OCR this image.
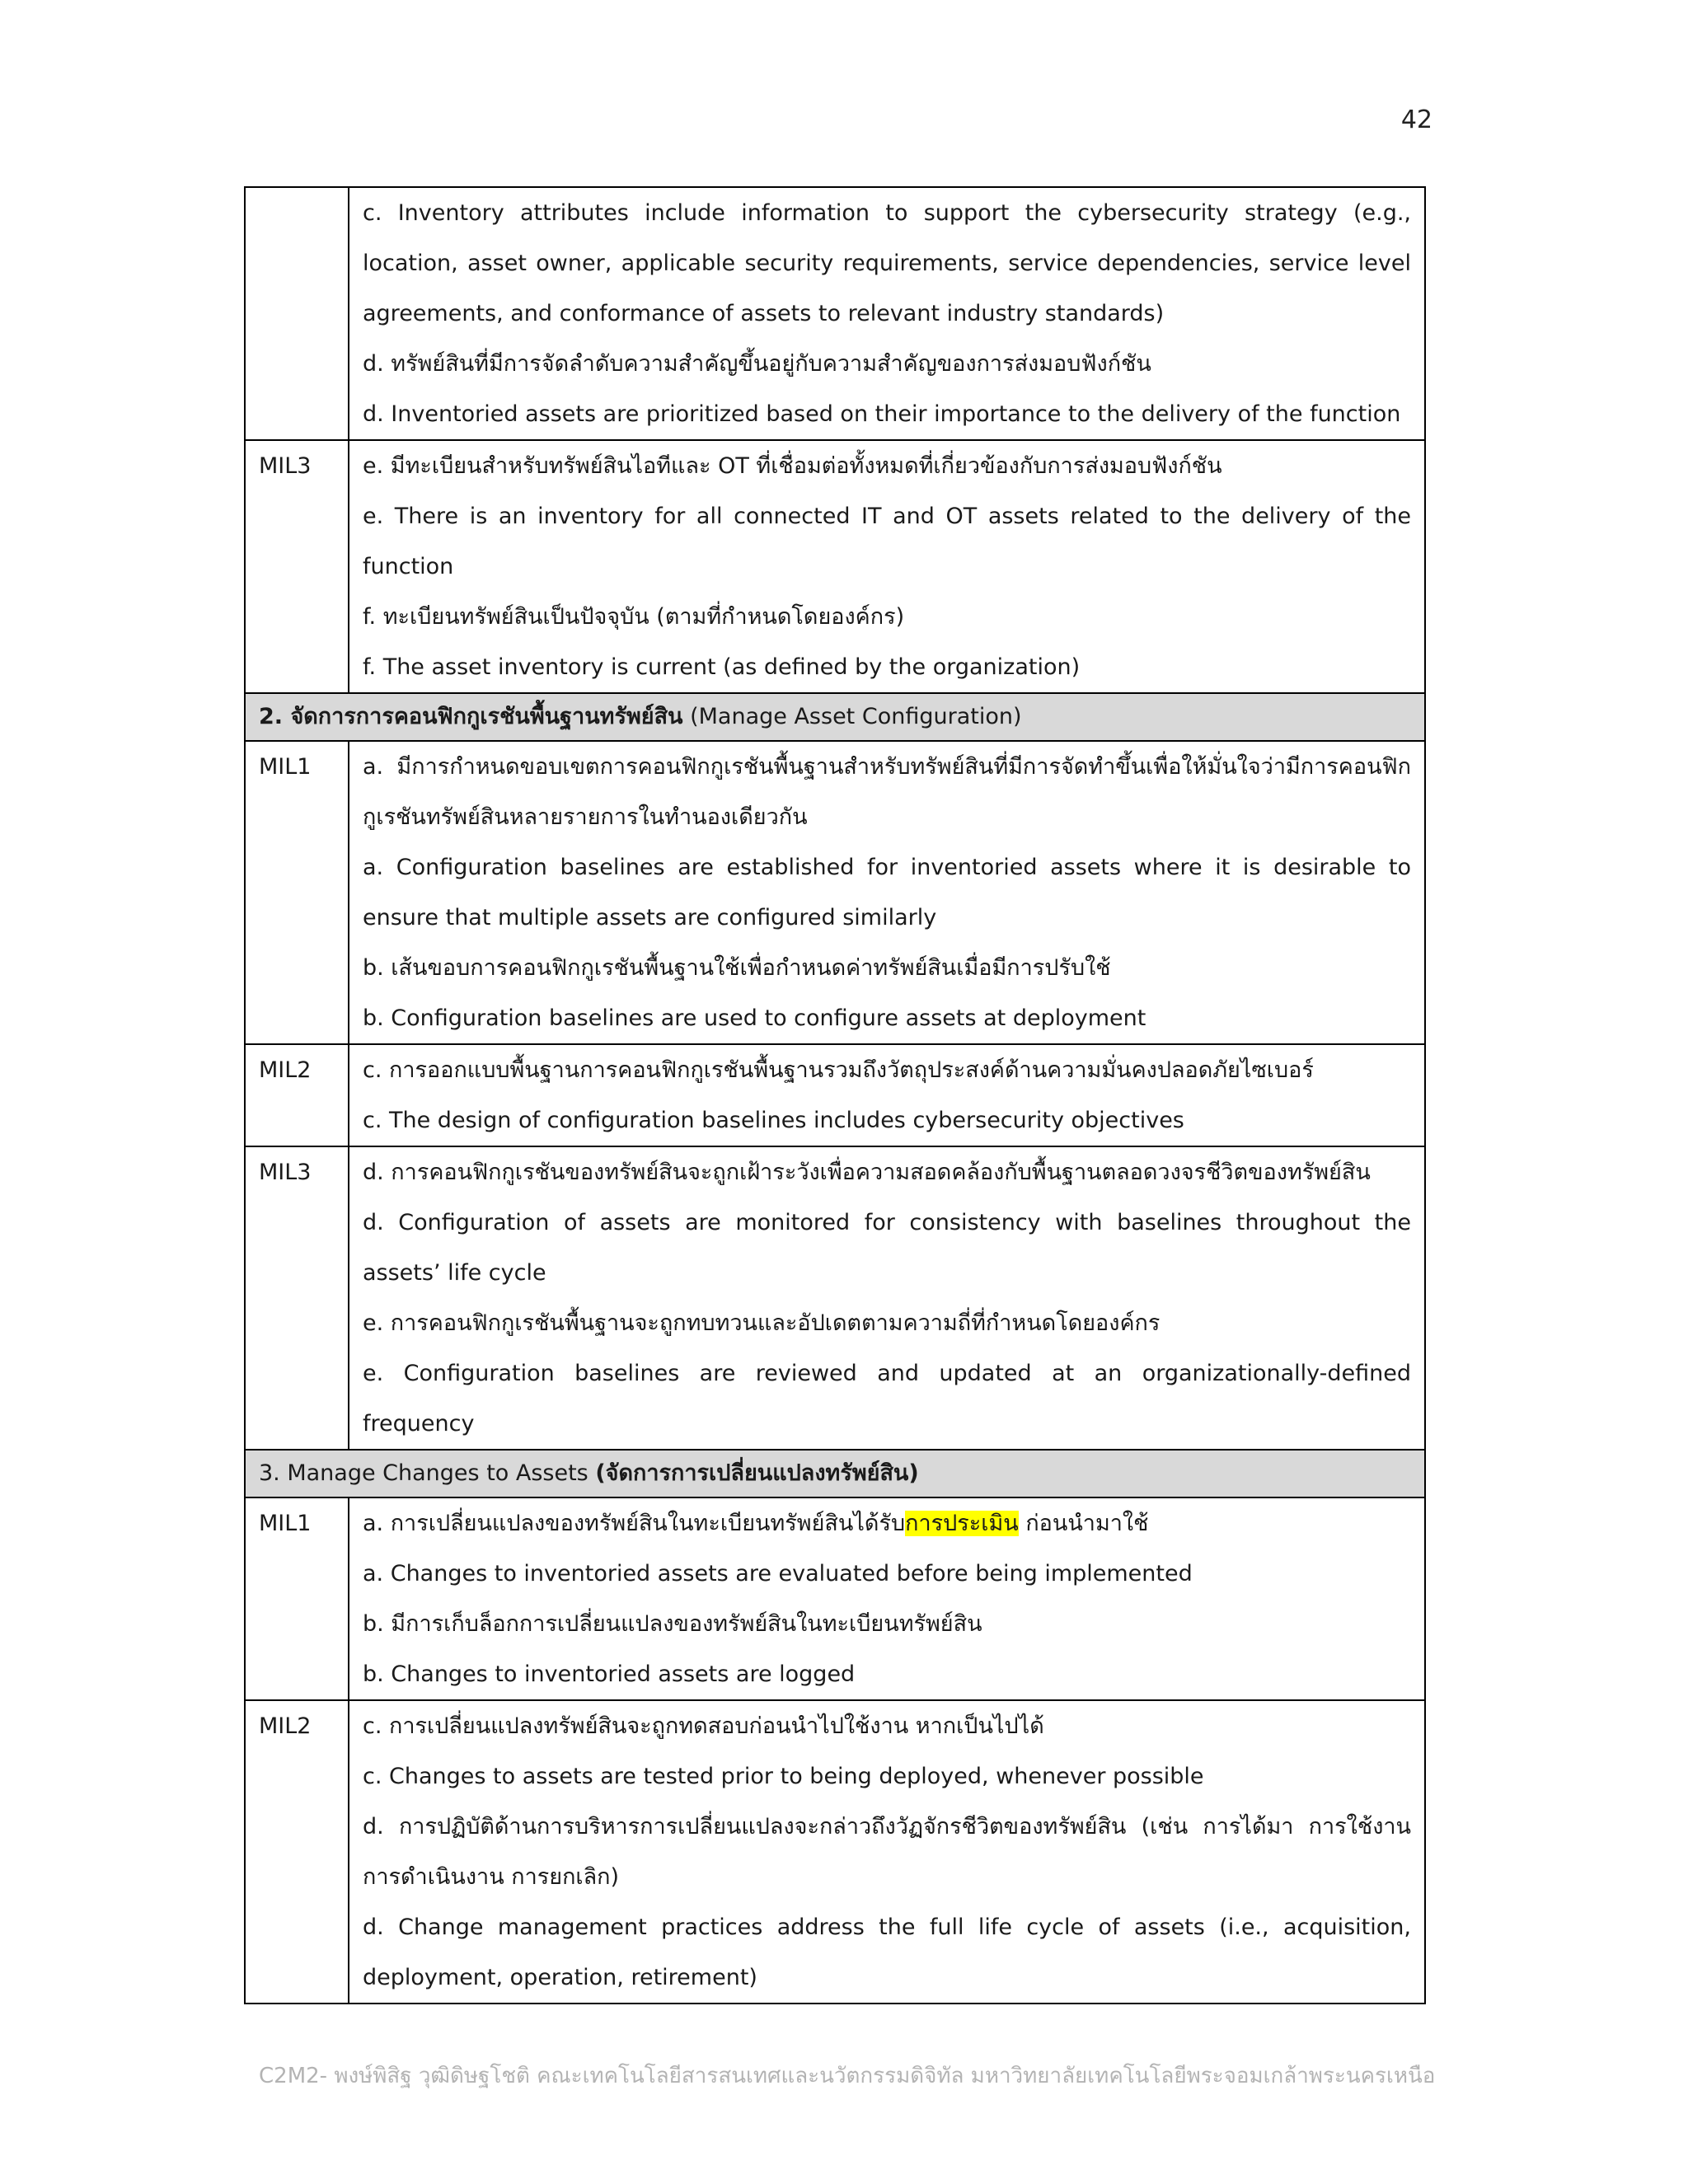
42

	c. Inventory attributes include information to support the cybersecurity strategy (e.g., location, asset owner, applicable security requirements, service dependencies, service level agreements, and conformance of assets to relevant industry standards)
d. ทรัพย์สินที่มีการจัดลำดับความสำคัญขึ้นอยู่กับความสำคัญของการส่งมอบฟังก์ชัน
d. Inventoried assets are prioritized based on their importance to the delivery of the function

MIL3	e. มีทะเบียนสำหรับทรัพย์สินไอทีและ OT ที่เชื่อมต่อทั้งหมดที่เกี่ยวข้องกับการส่งมอบฟังก์ชัน
e. There is an inventory for all connected IT and OT assets related to the delivery of the function
f. ทะเบียนทรัพย์สินเป็นปัจจุบัน (ตามที่กำหนดโดยองค์กร)
f. The asset inventory is current (as defined by the organization)

2. จัดการการคอนฟิกกูเรชันพื้นฐานทรัพย์สิน (Manage Asset Configuration)	
MIL1	a. มีการกำหนดขอบเขตการคอนฟิกกูเรชันพื้นฐานสำหรับทรัพย์สินที่มีการจัดทำขึ้นเพื่อให้มั่นใจว่ามีการคอนฟิกกูเรชันทรัพย์สินหลายรายการในทำนองเดียวกัน
a. Configuration baselines are established for inventoried assets where it is desirable to ensure that multiple assets are configured similarly
b. เส้นขอบการคอนฟิกกูเรชันพื้นฐานใช้เพื่อกำหนดค่าทรัพย์สินเมื่อมีการปรับใช้
b. Configuration baselines are used to configure assets at deployment

MIL2	c. การออกแบบพื้นฐานการคอนฟิกกูเรชันพื้นฐานรวมถึงวัตถุประสงค์ด้านความมั่นคงปลอดภัยไซเบอร์
c. The design of configuration baselines includes cybersecurity objectives

MIL3	d. การคอนฟิกกูเรชันของทรัพย์สินจะถูกเฝ้าระวังเพื่อความสอดคล้องกับพื้นฐานตลอดวงจรชีวิตของทรัพย์สิน
d. Configuration of assets are monitored for consistency with baselines throughout the assets’ life cycle
e. การคอนฟิกกูเรชันพื้นฐานจะถูกทบทวนและอัปเดตตามความถี่ที่กำหนดโดยองค์กร
e. Configuration baselines are reviewed and updated at an organizationally-defined frequency

3. Manage Changes to Assets (จัดการการเปลี่ยนแปลงทรัพย์สิน)	
MIL1	a. การเปลี่ยนแปลงของทรัพย์สินในทะเบียนทรัพย์สินได้รับการประเมิน ก่อนนำมาใช้
a. Changes to inventoried assets are evaluated before being implemented
b. มีการเก็บล็อกการเปลี่ยนแปลงของทรัพย์สินในทะเบียนทรัพย์สิน
b. Changes to inventoried assets are logged

MIL2	c. การเปลี่ยนแปลงทรัพย์สินจะถูกทดสอบก่อนนำไปใช้งาน หากเป็นไปได้
c. Changes to assets are tested prior to being deployed, whenever possible
d. การปฏิบัติด้านการบริหารการเปลี่ยนแปลงจะกล่าวถึงวัฏจักรชีวิตของทรัพย์สิน (เช่น การได้มา การใช้งาน การดำเนินงาน การยกเลิก)
d. Change management practices address the full life cycle of assets (i.e., acquisition, deployment, operation, retirement)
C2M2- พงษ์พิสิฐ วุฒิดิษฐโชติ คณะเทคโนโลยีสารสนเทศและนวัตกรรมดิจิทัล มหาวิทยาลัยเทคโนโลยีพระจอมเกล้าพระนครเหนือ
